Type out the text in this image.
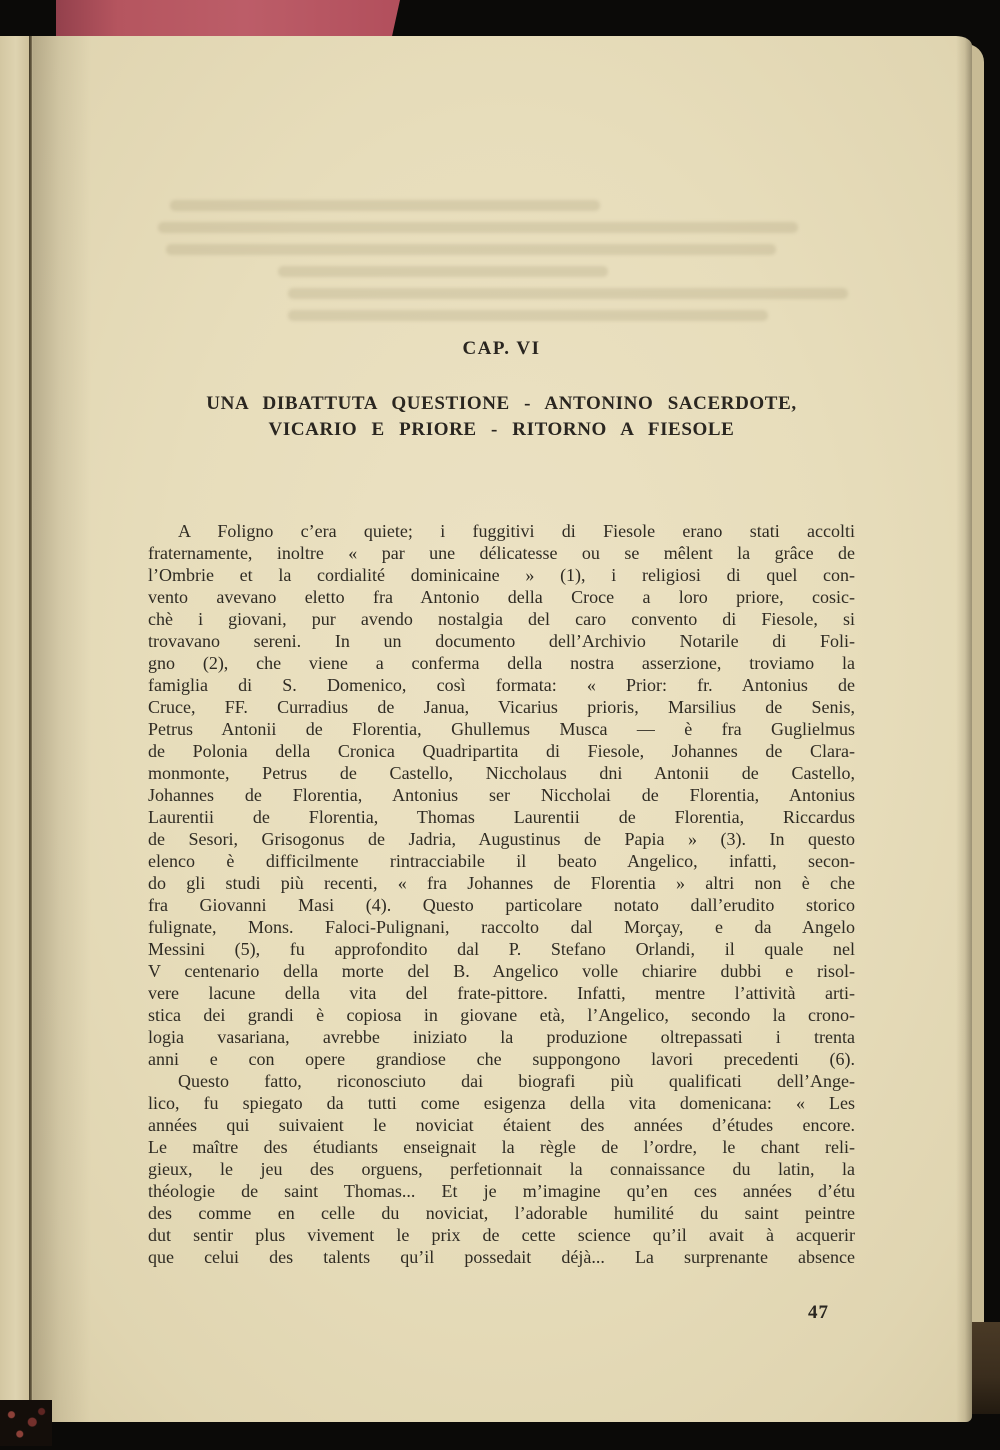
CAP. VI
UNA DIBATTUTA QUESTIONE - ANTONINO SACERDOTE,
VICARIO E PRIORE - RITORNO A FIESOLE
A Foligno c’era quiete; i fuggitivi di Fiesole erano stati accolti
fraternamente, inoltre « par une délicatesse ou se mêlent la grâce de
l’Ombrie et la cordialité dominicaine » (1), i religiosi di quel con-
vento avevano eletto fra Antonio della Croce a loro priore, cosic-
chè i giovani, pur avendo nostalgia del caro convento di Fiesole, si
trovavano sereni. In un documento dell’Archivio Notarile di Foli-
gno (2), che viene a conferma della nostra asserzione, troviamo la
famiglia di S. Domenico, così formata: « Prior: fr. Antonius de
Cruce, FF. Curradius de Janua, Vicarius prioris, Marsilius de Senis,
Petrus Antonii de Florentia, Ghullemus Musca — è fra Guglielmus
de Polonia della Cronica Quadripartita di Fiesole, Johannes de Clara-
monmonte, Petrus de Castello, Niccholaus dni Antonii de Castello,
Johannes de Florentia, Antonius ser Niccholai de Florentia, Antonius
Laurentii de Florentia, Thomas Laurentii de Florentia, Riccardus
de Sesori, Grisogonus de Jadria, Augustinus de Papia » (3). In questo
elenco è difficilmente rintracciabile il beato Angelico, infatti, secon-
do gli studi più recenti, « fra Johannes de Florentia » altri non è che
fra Giovanni Masi (4). Questo particolare notato dall’erudito storico
fulignate, Mons. Faloci-Pulignani, raccolto dal Morçay, e da Angelo
Messini (5), fu approfondito dal P. Stefano Orlandi, il quale nel
V centenario della morte del B. Angelico volle chiarire dubbi e risol-
vere lacune della vita del frate-pittore. Infatti, mentre l’attività arti-
stica dei grandi è copiosa in giovane età, l’Angelico, secondo la crono-
logia vasariana, avrebbe iniziato la produzione oltrepassati i trenta
anni e con opere grandiose che suppongono lavori precedenti (6).
Questo fatto, riconosciuto dai biografi più qualificati dell’Ange-
lico, fu spiegato da tutti come esigenza della vita domenicana: « Les
années qui suivaient le noviciat étaient des années d’études encore.
Le maître des étudiants enseignait la règle de l’ordre, le chant reli-
gieux, le jeu des orguens, perfetionnait la connaissance du latin, la
théologie de saint Thomas... Et je m’imagine qu’en ces années d’étu
des comme en celle du noviciat, l’adorable humilité du saint peintre
dut sentir plus vivement le prix de cette science qu’il avait à acquerir
que celui des talents qu’il possedait déjà... La surprenante absence
47
